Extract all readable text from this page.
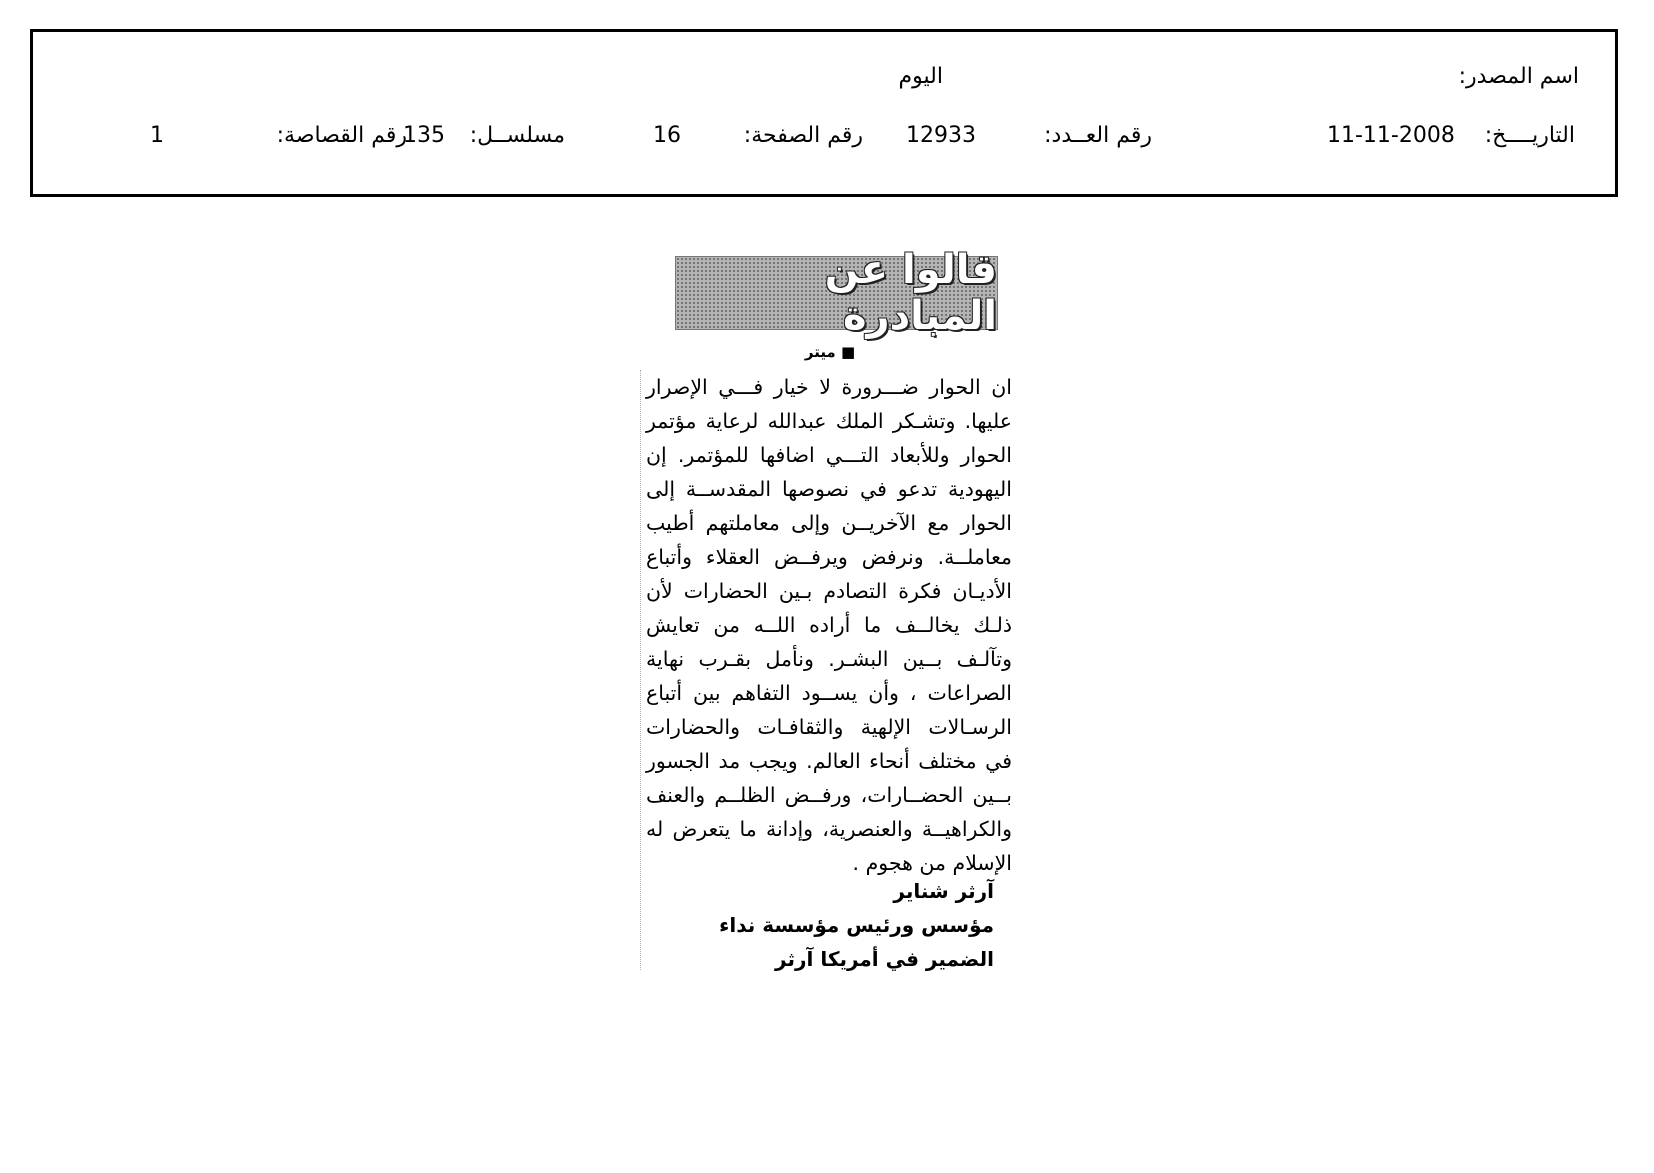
اسم المصدر:
اليوم
التاريــــخ:
11-11-2008
رقم العــدد:
12933
رقم الصفحة:
16
مسلســل:
135
رقم القصاصة:
1
قالوا عن المبادرة
■ ميتر

ان الحوار ضـــرورة لا خيار فـــي الإصرار عليها. وتشـكر الملك عبدالله لرعاية مؤتمر الحوار وللأبعاد التـــي اضافها للمؤتمر. إن اليهودية تدعو في نصوصها المقدســة إلى الحوار مع الآخريــن وإلى معاملتهم أطيب معاملــة. ونرفض ويرفــض العقلاء وأتباع الأديـان فكرة التصادم بـين الحضارات لأن ذلـك يخالــف ما أراده اللــه من تعايش وتآلـف بــين البشـر. ونأمل بقـرب نهاية الصراعات ، وأن يســود التفاهم بين أتباع الرسـالات الإلهية والثقافـات والحضارات في مختلف أنحاء العالم. ويجب مد الجسور بــين الحضــارات، ورفــض الظلــم والعنف والكراهيــة والعنصرية، وإدانة ما يتعرض له الإسلام من هجوم .

آرثر شناير

مؤسس ورئيس مؤسسة نداء الضمير في أمريكا آرثر
